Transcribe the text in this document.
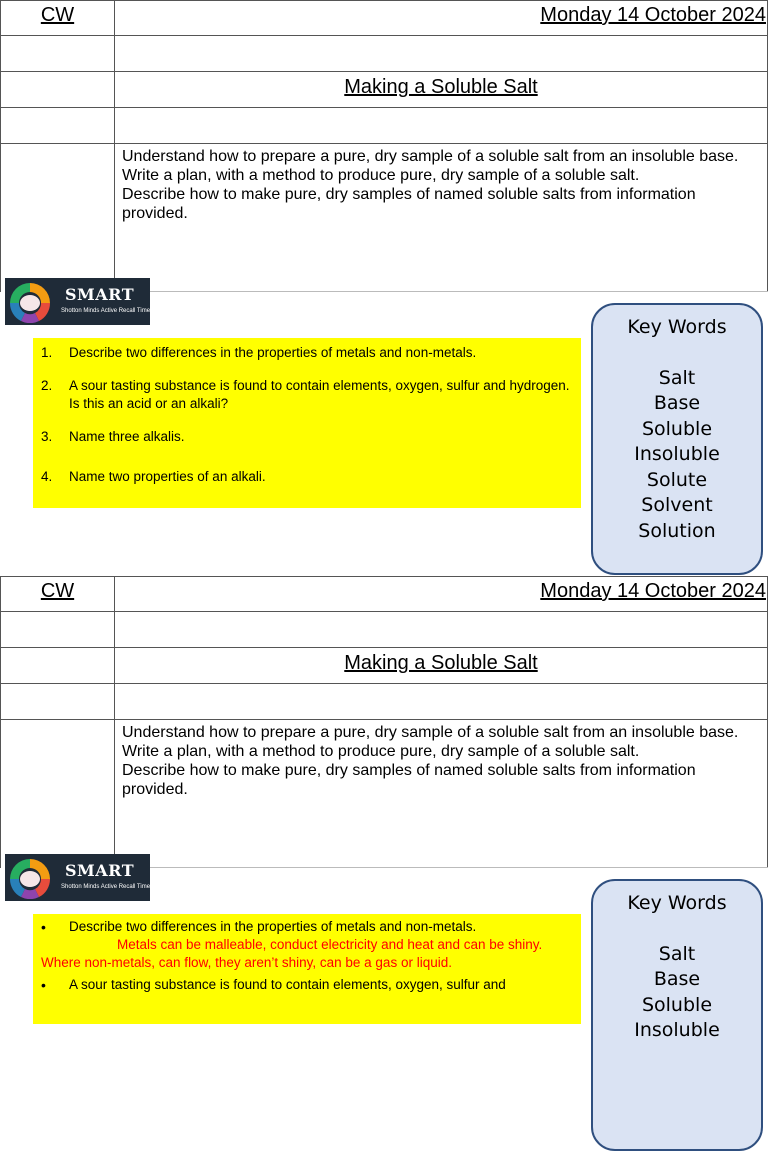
CW	Monday 14 October 2024

	Making a Soluble Salt

	Understand how to prepare a pure, dry sample of a soluble salt from an insoluble base.

Write a plan, with a method to produce pure, dry sample of a soluble salt.

Describe how to make pure, dry samples of named soluble salts from information provided.

SMART
Shotton Minds Active Recall Time
1. Describe two differences in the properties of metals and non-metals.
2. A sour tasting substance is found to contain elements, oxygen, sulfur and hydrogen. Is this an acid or an alkali?
3. Name three alkalis.
4. Name two properties of an alkali.
Key Words
Salt
Base
Soluble
Insoluble
Solute
Solvent
Solution
CW	Monday 14 October 2024

	Making a Soluble Salt

	Understand how to prepare a pure, dry sample of a soluble salt from an insoluble base.

Write a plan, with a method to produce pure, dry sample of a soluble salt.

Describe how to make pure, dry samples of named soluble salts from information provided.

SMART
Shotton Minds Active Recall Time
• Describe two differences in the properties of metals and non-metals.
Metals can be malleable, conduct electricity and heat and can be shiny. Where non-metals, can flow, they aren’t shiny, can be a gas or liquid.
• A sour tasting substance is found to contain elements, oxygen, sulfur and
Key Words
Salt
Base
Soluble
Insoluble
